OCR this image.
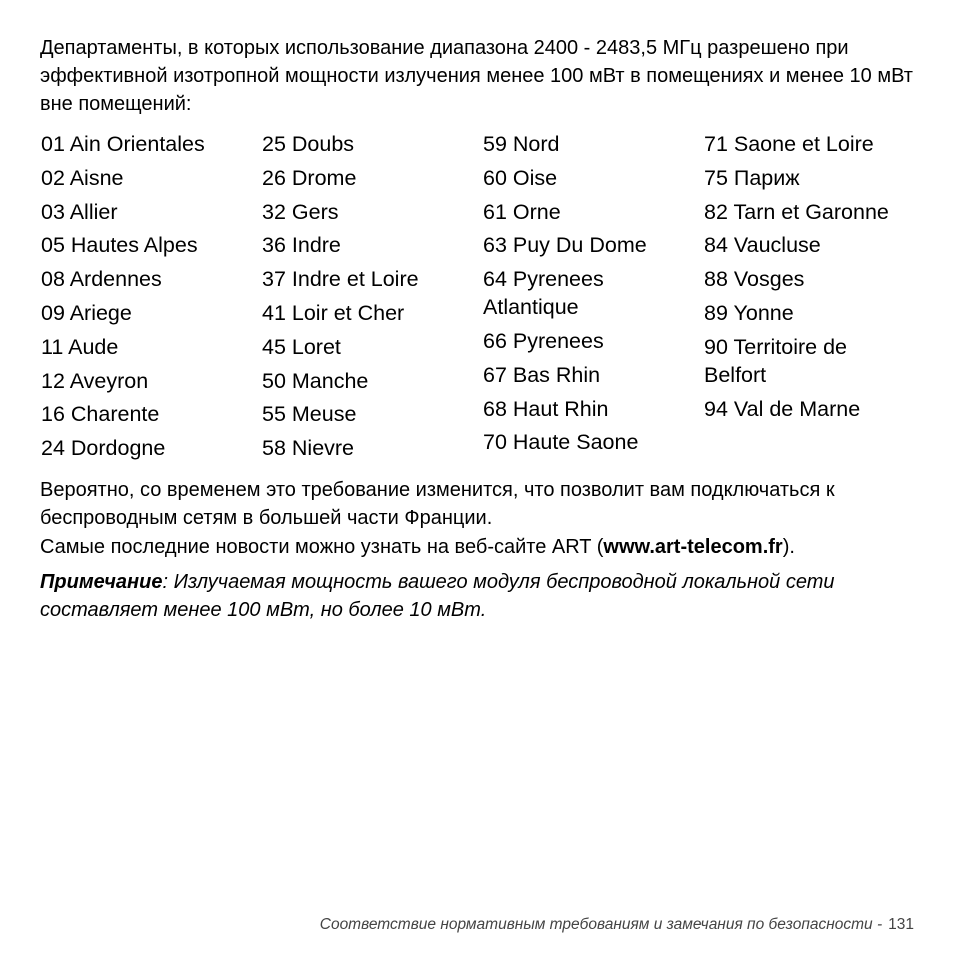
Департаменты, в которых использование диапазона 2400 - 2483,5 МГц разрешено при эффективной изотропной мощности излучения менее 100 мВт в помещениях и менее 10 мВт вне помещений:

01 Ain Orientales
02 Aisne
03 Allier
05 Hautes Alpes
08 Ardennes
09 Ariege
11 Aude
12 Aveyron
16 Charente
24 Dordogne
25 Doubs
26 Drome
32 Gers
36 Indre
37 Indre et Loire
41 Loir et Cher
45 Loret
50 Manche
55 Meuse
58 Nievre
59 Nord
60 Oise
61 Orne
63 Puy Du Dome
64 Pyrenees Atlantique
66 Pyrenees
67 Bas Rhin
68 Haut Rhin
70 Haute Saone
71 Saone et Loire
75 Париж
82 Tarn et Garonne
84 Vaucluse
88 Vosges
89 Yonne
90 Territoire de Belfort
94 Val de Marne

Вероятно, со временем это требование изменится, что позволит вам подключаться к беспроводным сетям в большей части Франции.

Самые последние новости можно узнать на веб-сайте ART (www.art-telecom.fr).

Примечание: Излучаемая мощность вашего модуля беспроводной локальной сети составляет менее 100 мВт, но более 10 мВт.

Соответствие нормативным требованиям и замечания по безопасности - 131
